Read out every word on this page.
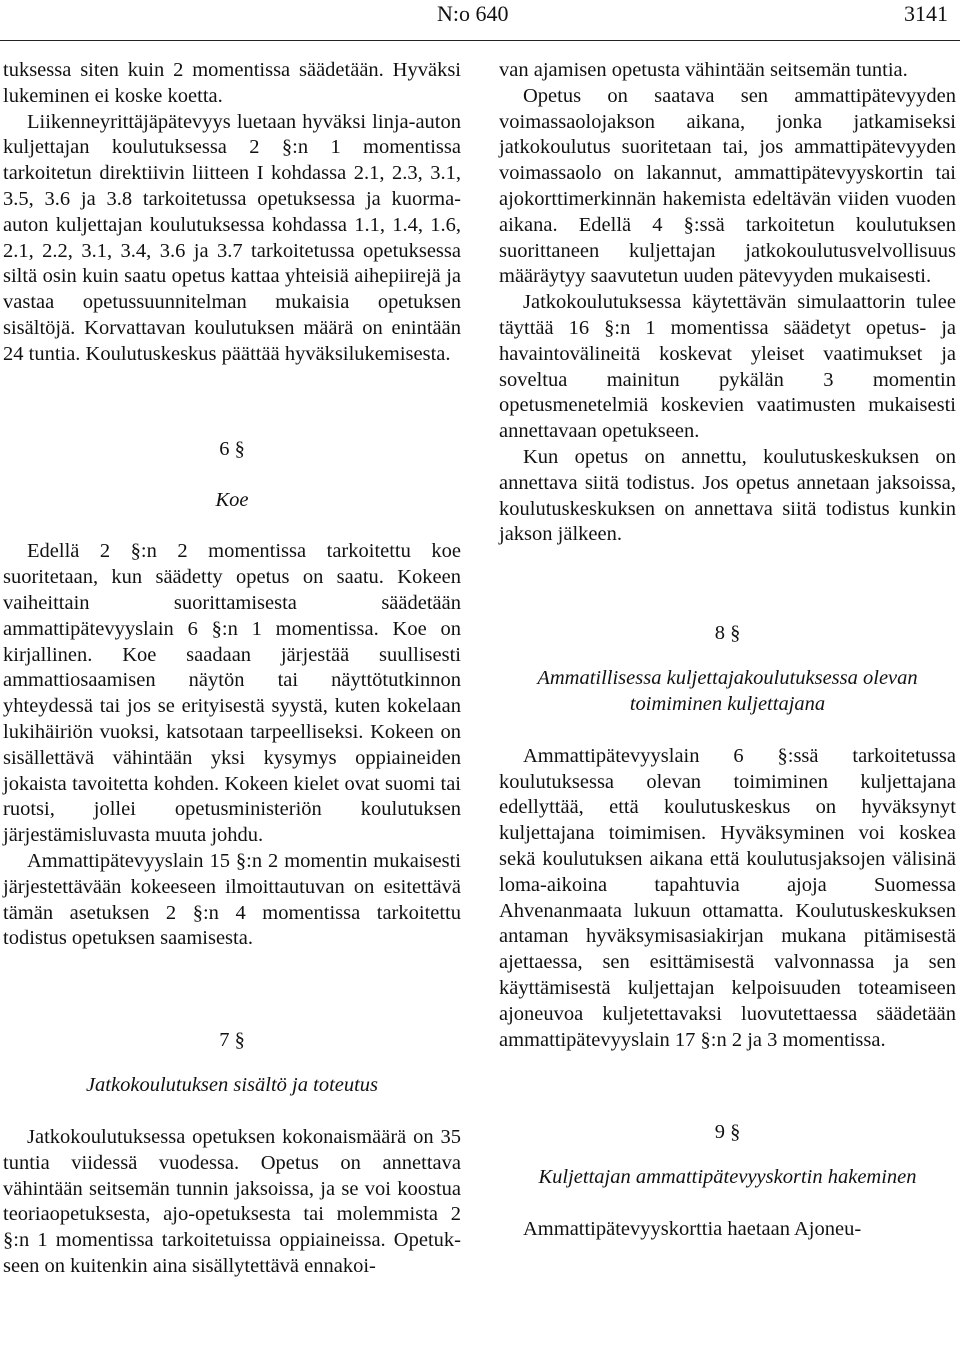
N:o 640	3141

tuksessa siten kuin 2 momentissa säädetään. Hyväksi lukeminen ei koske koetta.

Liikenneyrittäjäpätevyys luetaan hyväksi linja-auton kuljettajan koulutuksessa 2 §:n 1 momentissa tarkoitetun direktiivin liitteen I kohdassa 2.1, 2.3, 3.1, 3.5, 3.6 ja 3.8 tarkoitetussa opetuksessa ja kuorma-auton kuljettajan koulutuksessa kohdassa 1.1, 1.4, 1.6, 2.1, 2.2, 3.1, 3.4, 3.6 ja 3.7 tarkoitetussa opetuksessa siltä osin kuin saatu opetus kattaa yhteisiä aihepiirejä ja vastaa opetussuunnitelman mukaisia opetuksen sisältöjä. Korvattavan koulutuksen määrä on enintään 24 tuntia. Koulutuskeskus päättää hyväksilukemisesta.

6 §
Koe

Edellä 2 §:n 2 momentissa tarkoitettu koe suoritetaan, kun säädetty opetus on saatu. Kokeen vaiheittain suorittamisesta säädetään ammattipätevyyslain 6 §:n 1 momentissa. Koe on kirjallinen. Koe saadaan järjestää suullisesti ammattiosaamisen näytön tai näyttötutkinnon yhteydessä tai jos se erityisestä syystä, kuten kokelaan lukihäiriön vuoksi, katsotaan tarpeelliseksi. Kokeen on sisällettävä vähintään yksi kysymys oppiaineiden jokaista tavoitetta kohden. Kokeen kielet ovat suomi tai ruotsi, jollei opetusministeriön koulutuksen järjestämisluvasta muuta johdu.

Ammattipätevyyslain 15 §:n 2 momentin mukaisesti järjestettävään kokeeseen ilmoittautuvan on esitettävä tämän asetuksen 2 §:n 4 momentissa tarkoitettu todistus opetuksen saamisesta.

7 §
Jatkokoulutuksen sisältö ja toteutus

Jatkokoulutuksessa opetuksen kokonaismäärä on 35 tuntia viidessä vuodessa. Opetus on annettava vähintään seitsemän tunnin jaksoissa, ja se voi koostua teoriaopetuksesta, ajo-opetuksesta tai molemmista 2 §:n 1 momentissa tarkoitetuissa oppiaineissa. Opetukseen on kuitenkin aina sisällytettävä ennakoi-

van ajamisen opetusta vähintään seitsemän tuntia.

Opetus on saatava sen ammattipätevyyden voimassaolojakson aikana, jonka jatkamiseksi jatkokoulutus suoritetaan tai, jos ammattipätevyyden voimassaolo on lakannut, ammattipätevyyskortin tai ajokorttimerkinnän hakemista edeltävän viiden vuoden aikana. Edellä 4 §:ssä tarkoitetun koulutuksen suorittaneen kuljettajan jatkokoulutusvelvollisuus määräytyy saavutetun uuden pätevyyden mukaisesti.

Jatkokoulutuksessa käytettävän simulaattorin tulee täyttää 16 §:n 1 momentissa säädetyt opetus- ja havaintovälineitä koskevat yleiset vaatimukset ja soveltua mainitun pykälän 3 momentin opetusmenetelmiä koskevien vaatimusten mukaisesti annettavaan opetukseen.

Kun opetus on annettu, koulutuskeskuksen on annettava siitä todistus. Jos opetus annetaan jaksoissa, koulutuskeskuksen on annettava siitä todistus kunkin jakson jälkeen.

8 §
Ammatillisessa kuljettajakoulutuksessa olevan toimiminen kuljettajana

Ammattipätevyyslain 6 §:ssä tarkoitetussa koulutuksessa olevan toimiminen kuljettajana edellyttää, että koulutuskeskus on hyväksynyt kuljettajana toimimisen. Hyväksyminen voi koskea sekä koulutuksen aikana että koulutusjaksojen välisinä loma-aikoina tapahtuvia ajoja Suomessa Ahvenanmaata lukuun ottamatta. Koulutuskeskuksen antaman hyväksymisasiakirjan mukana pitämisestä ajettaessa, sen esittämisestä valvonnassa ja sen käyttämisestä kuljettajan kelpoisuuden toteamiseen ajoneuvoa kuljetettavaksi luovutettaessa säädetään ammattipätevyyslain 17 §:n 2 ja 3 momentissa.

9 §
Kuljettajan ammattipätevyyskortin hakeminen

Ammattipätevyyskorttia haetaan Ajoneu-
